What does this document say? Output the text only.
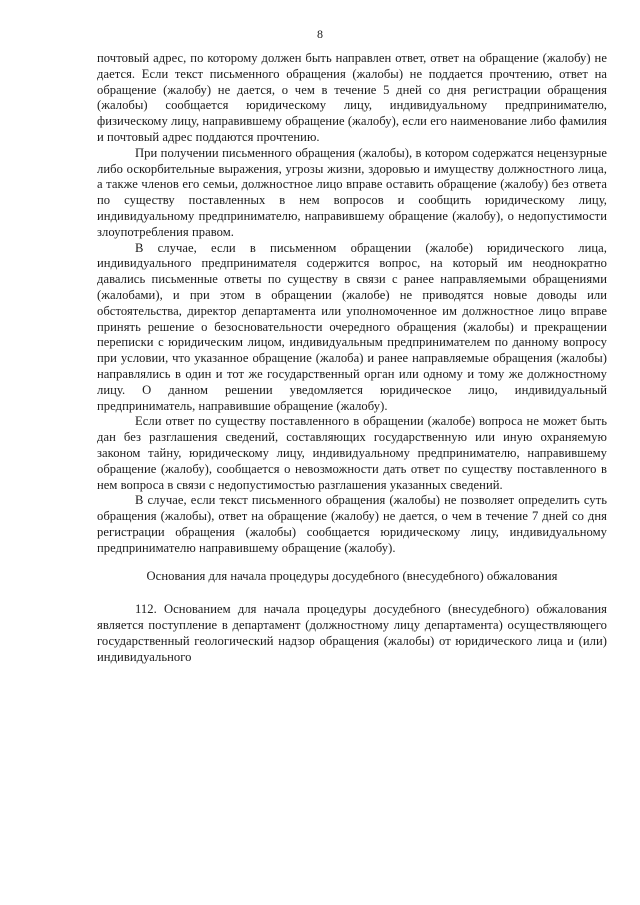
8

почтовый адрес, по которому должен быть направлен ответ, ответ на обращение (жалобу) не дается. Если текст письменного обращения (жалобы) не поддается прочтению, ответ на обращение (жалобу) не дается, о чем в течение 5 дней со дня регистрации обращения (жалобы) сообщается юридическому лицу, индивидуальному предпринимателю, физическому лицу, направившему обращение (жалобу), если его наименование либо фамилия и почтовый адрес поддаются прочтению.

При получении письменного обращения (жалобы), в котором содержатся нецензурные либо оскорбительные выражения, угрозы жизни, здоровью и имуществу должностного лица, а также членов его семьи, должностное лицо вправе оставить обращение (жалобу) без ответа по существу поставленных в нем вопросов и сообщить юридическому лицу, индивидуальному предпринимателю, направившему обращение (жалобу), о недопустимости злоупотребления правом.

В случае, если в письменном обращении (жалобе) юридического лица, индивидуального предпринимателя содержится вопрос, на который им неоднократно давались письменные ответы по существу в связи с ранее направляемыми обращениями (жалобами), и при этом в обращении (жалобе) не приводятся новые доводы или обстоятельства, директор департамента или уполномоченное им должностное лицо вправе принять решение о безосновательности очередного обращения (жалобы) и прекращении переписки с юридическим лицом, индивидуальным предпринимателем по данному вопросу при условии, что указанное обращение (жалоба) и ранее направляемые обращения (жалобы) направлялись в один и тот же государственный орган или одному и тому же должностному лицу. О данном решении уведомляется юридическое лицо, индивидуальный предприниматель, направившие обращение (жалобу).

Если ответ по существу поставленного в обращении (жалобе) вопроса не может быть дан без разглашения сведений, составляющих государственную или иную охраняемую законом тайну, юридическому лицу, индивидуальному предпринимателю, направившему обращение (жалобу), сообщается о невозможности дать ответ по существу поставленного в нем вопроса в связи с недопустимостью разглашения указанных сведений.

В случае, если текст письменного обращения (жалобы) не позволяет определить суть обращения (жалобы), ответ на обращение (жалобу) не дается, о чем в течение 7 дней со дня регистрации обращения (жалобы) сообщается юридическому лицу, индивидуальному предпринимателю направившему обращение (жалобу).

Основания для начала процедуры досудебного (внесудебного) обжалования

112. Основанием для начала процедуры досудебного (внесудебного) обжалования является поступление в департамент (должностному лицу департамента) осуществляющего государственный геологический надзор обращения (жалобы) от юридического лица и (или) индивидуального
